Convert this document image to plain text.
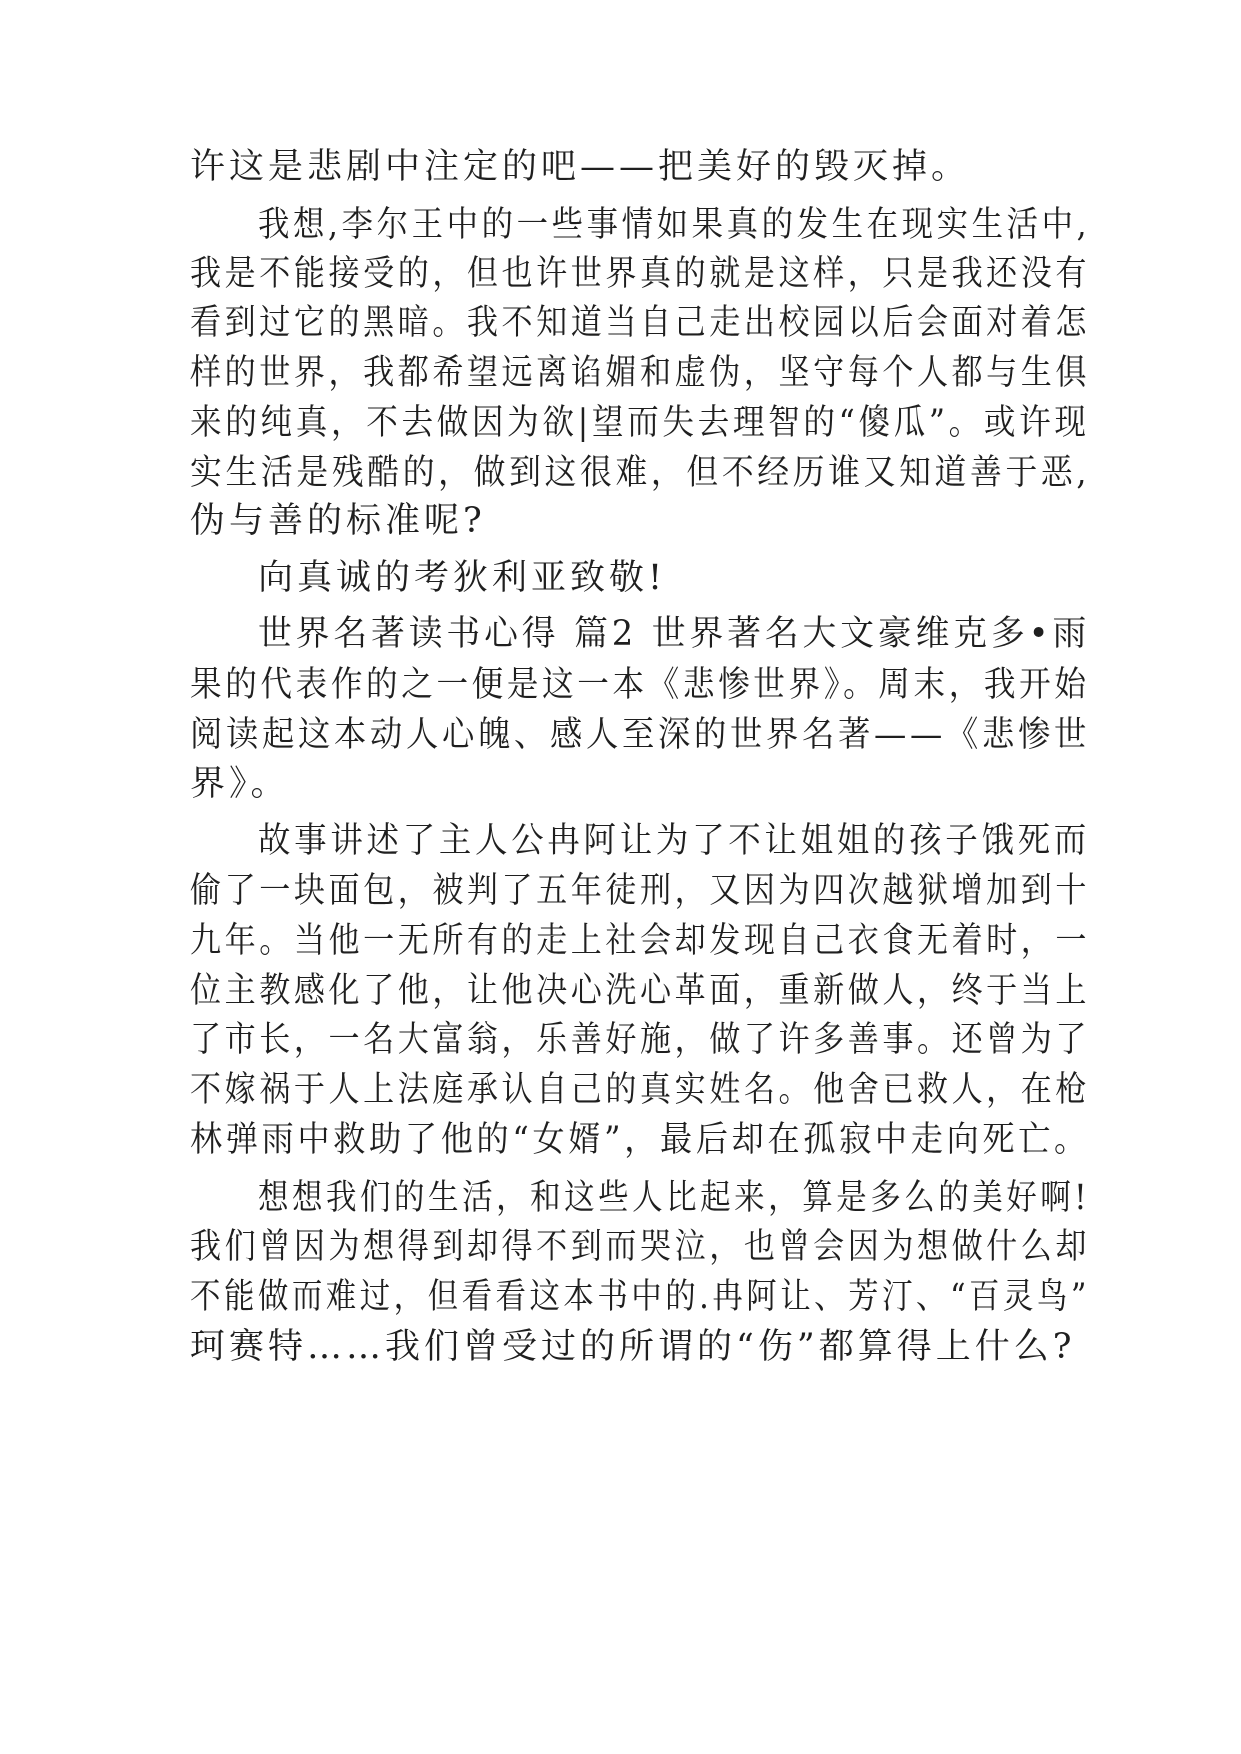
许这是悲剧中注定的吧——把美好的毁灭掉。
我想,李尔王中的一些事情如果真的发生在现实生活中,
我是不能接受的，但也许世界真的就是这样，只是我还没有
看到过它的黑暗。我不知道当自己走出校园以后会面对着怎
样的世界，我都希望远离谄媚和虚伪，坚守每个人都与生俱
来的纯真，不去做因为欲|望而失去理智的“傻瓜”。或许现
实生活是残酷的，做到这很难，但不经历谁又知道善于恶,
伪与善的标准呢?
向真诚的考狄利亚致敬!
世界名著读书心得 篇2 世界著名大文豪维克多•雨
果的代表作的之一便是这一本《悲惨世界》。周末，我开始
阅读起这本动人心魄、感人至深的世界名著——《悲惨世
界》。
故事讲述了主人公冉阿让为了不让姐姐的孩子饿死而
偷了一块面包，被判了五年徒刑，又因为四次越狱增加到十
九年。当他一无所有的走上社会却发现自己衣食无着时，一
位主教感化了他，让他决心洗心革面，重新做人，终于当上
了市长，一名大富翁，乐善好施，做了许多善事。还曾为了
不嫁祸于人上法庭承认自己的真实姓名。他舍已救人，在枪
林弹雨中救助了他的“女婿”，最后却在孤寂中走向死亡。
想想我们的生活，和这些人比起来，算是多么的美好啊!
我们曾因为想得到却得不到而哭泣，也曾会因为想做什么却
不能做而难过，但看看这本书中的.冉阿让、芳汀、“百灵鸟”
珂赛特……我们曾受过的所谓的“伤”都算得上什么?
